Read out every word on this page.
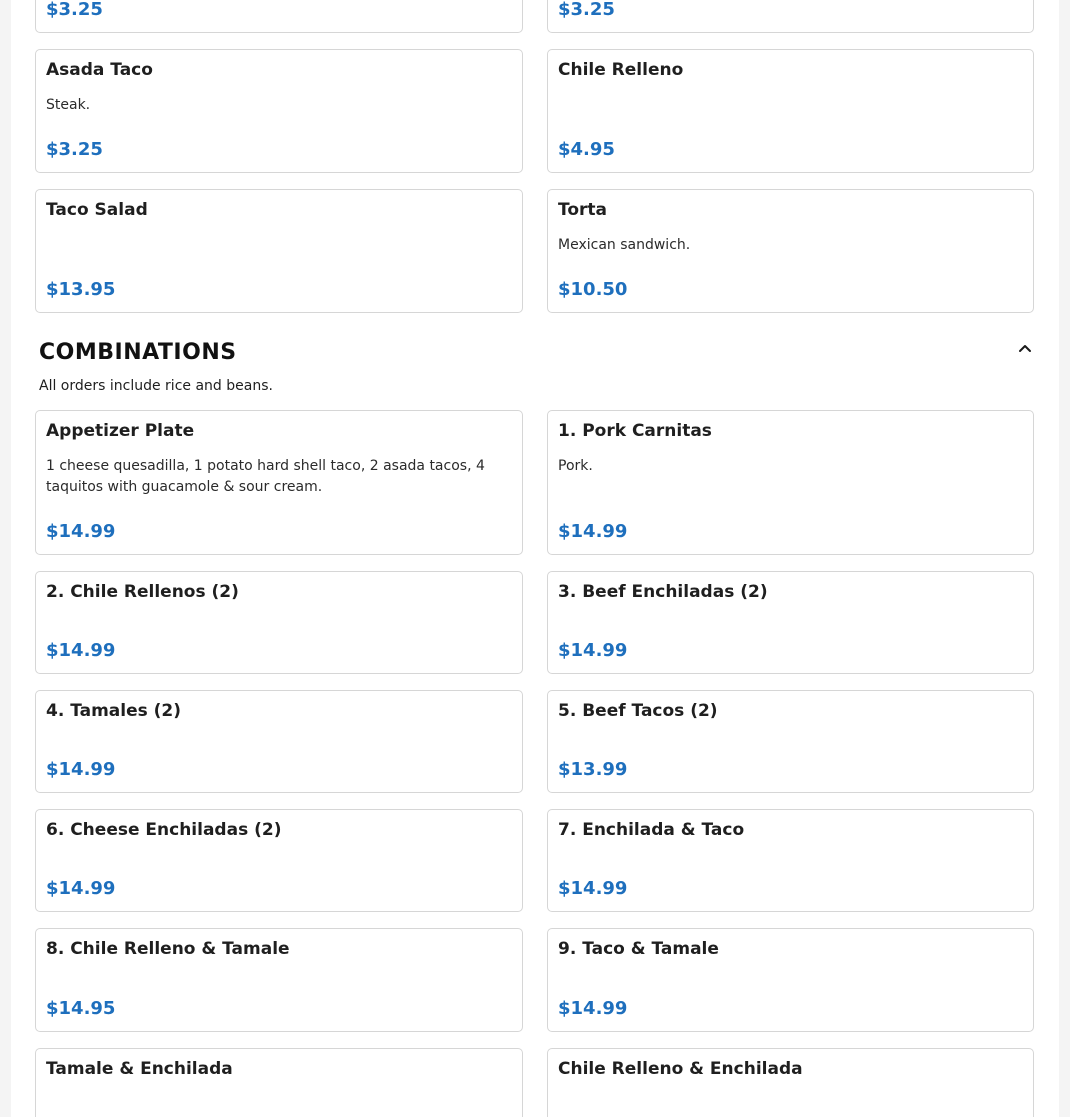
$3.25	$3.25
Asada Taco
Steak.
$3.25
Chile Relleno
$4.95
Taco Salad
$13.95
Torta
Mexican sandwich.
$10.50
COMBINATIONS
All orders include rice and beans.
Appetizer Plate
1 cheese quesadilla, 1 potato hard shell taco, 2 asada tacos, 4 taquitos with guacamole & sour cream.
$14.99
1. Pork Carnitas
Pork.
$14.99
2. Chile Rellenos (2)
$14.99
3. Beef Enchiladas (2)
$14.99
4. Tamales (2)
$14.99
5. Beef Tacos (2)
$13.99
6. Cheese Enchiladas (2)
$14.99
7. Enchilada & Taco
$14.99
8. Chile Relleno & Tamale
$14.95
9. Taco & Tamale
$14.99
Tamale & Enchilada	Chile Relleno & Enchilada
